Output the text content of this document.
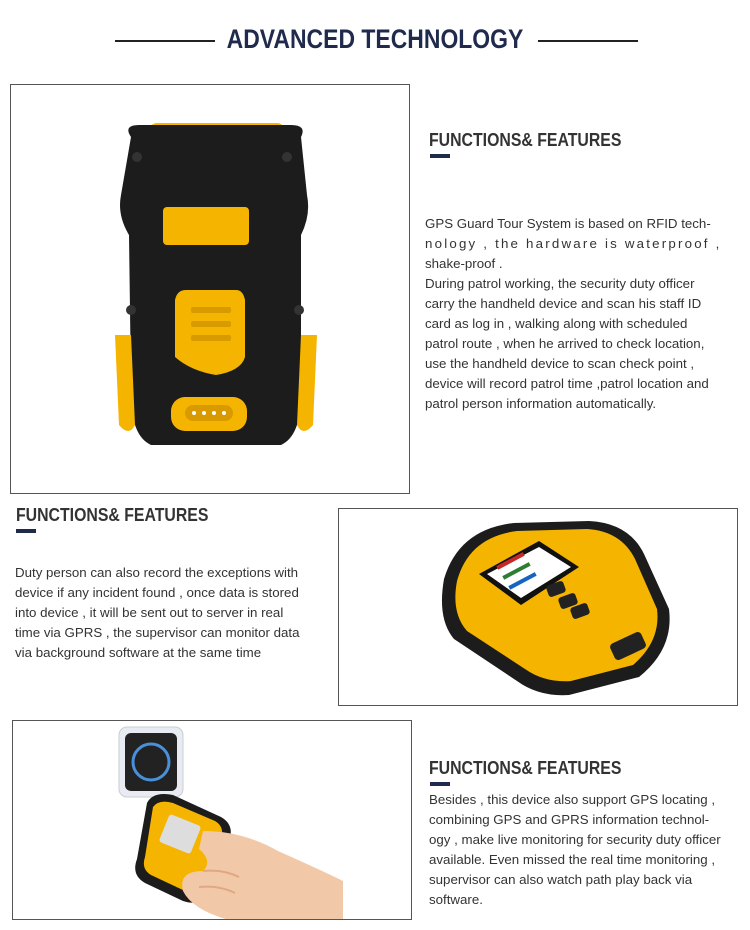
ADVANCED TECHNOLOGY
FUNCTIONS& FEATURES

GPS Guard Tour System is based on RFID tech-

nology , the hardware is waterproof ,

shake-proof .

During patrol working, the security duty officer

carry the handheld device and scan his staff ID

card as log in , walking along with scheduled

patrol route , when he arrived to check location,

use the handheld device to scan check point ,

device will record patrol time ,patrol location and

patrol person information automatically.

FUNCTIONS& FEATURES

Duty person can also record the exceptions with

device if any incident found , once data is stored

into device , it will be sent out to server in real

time via GPRS , the supervisor can monitor data

via background software at the same time

FUNCTIONS& FEATURES

Besides , this device also support GPS locating ,

combining GPS and GPRS information technol-

ogy , make live monitoring for security duty officer

available. Even missed the real time monitoring ,

supervisor can also watch path play back via

software.
